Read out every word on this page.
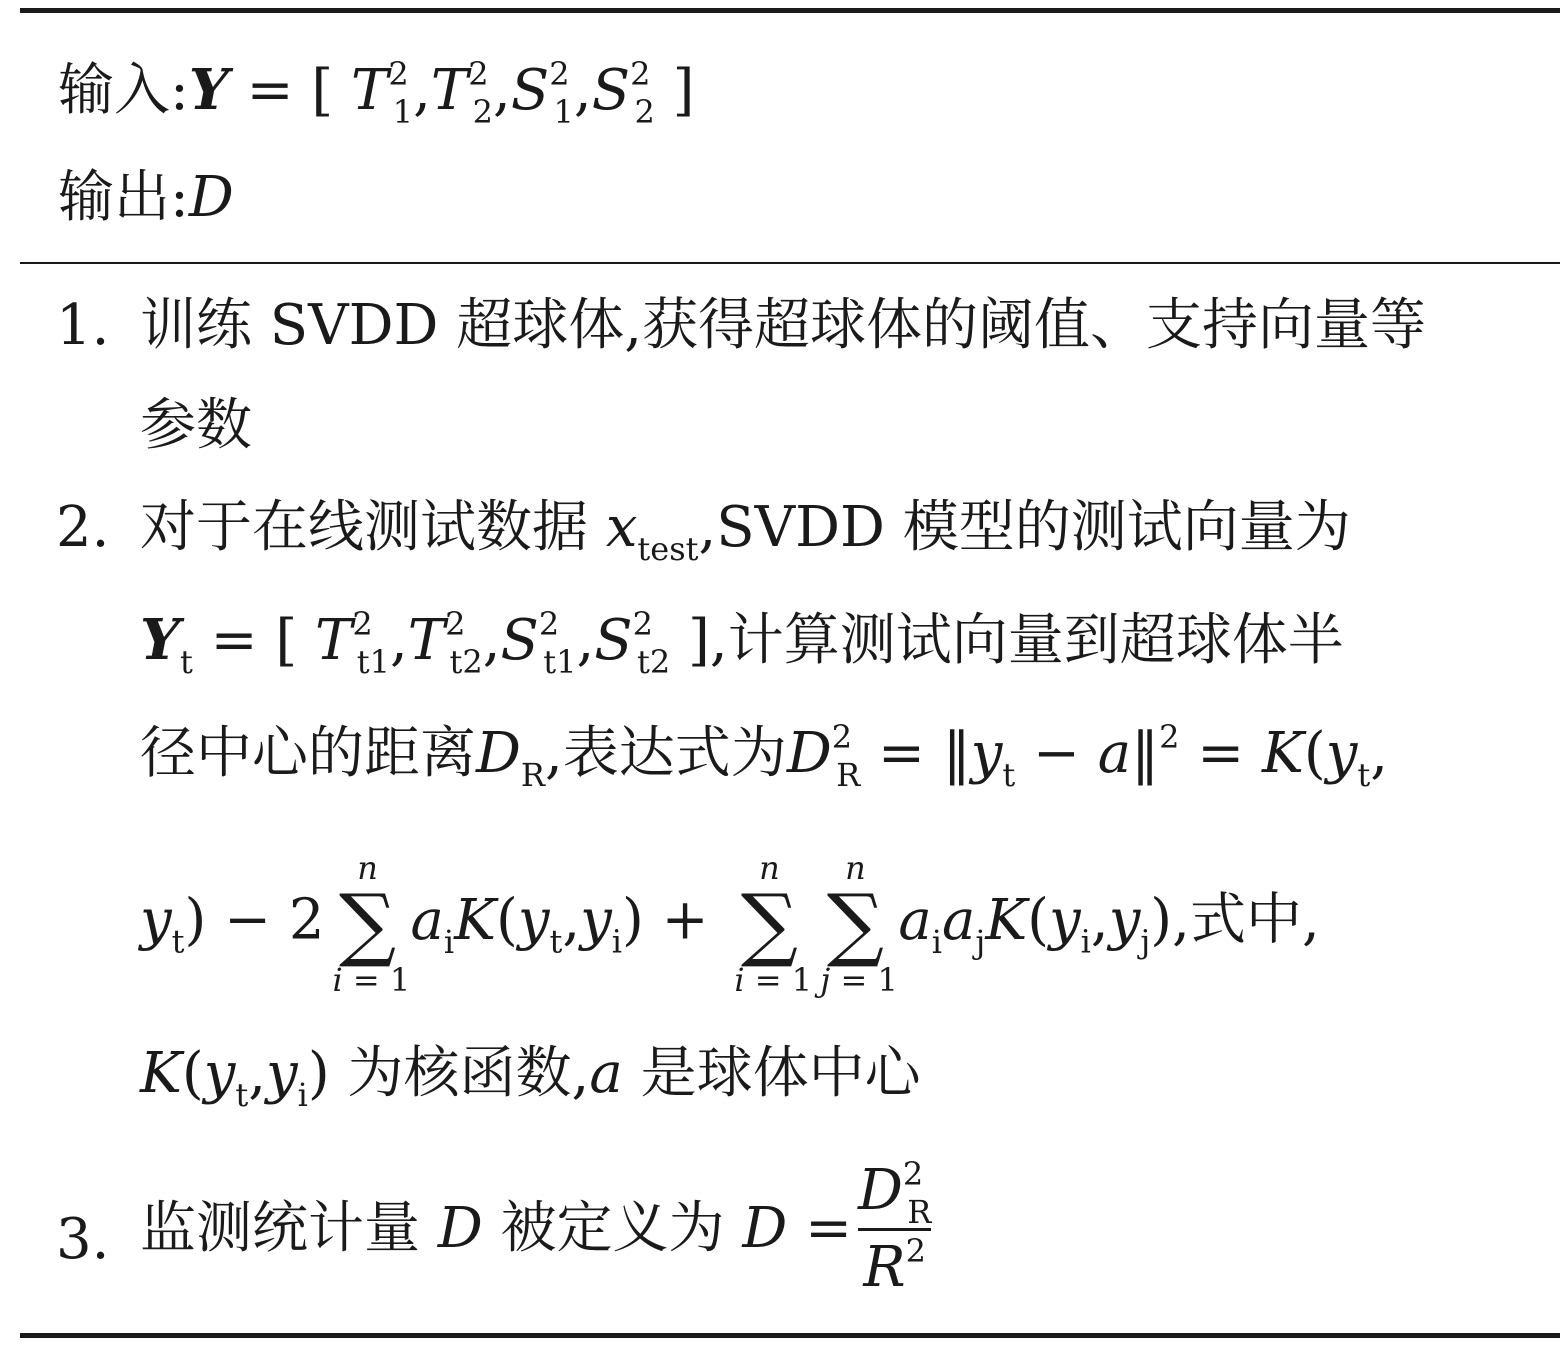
输入:Y = [ $T^2_1,T^2_2,S^2_1,S^2_2$ ]
输出:D
1. 训练 SVDD 超球体,获得超球体的阈值、支持向量等
参数
2. 对于在线测试数据 $x_{test},SVDD$ 模型的测试向量为
$Y_t$ = [ $T^2_{t1},T^2_{t2},S^2_{t1},S^2_{t2}$ ],计算测试向量到超球体半
径中心的距离$D_R$,表达式为$D^2_R$ = $‖y_t$ − a‖$^2$ = $K(y_t$,
$y_t) - 2$
n
∑
i = 1
$a_iK(y_t,y_i)$ +
n
∑
i = 1
n
∑
j = 1
$a_ia_jK(y_i,y_j)$,式中,
$K(y_t,y_i)$ 为核函数,a 是球体中心
3. 监测统计量 D 被定义为 $D = \frac{D^2_R}{R^2}$
